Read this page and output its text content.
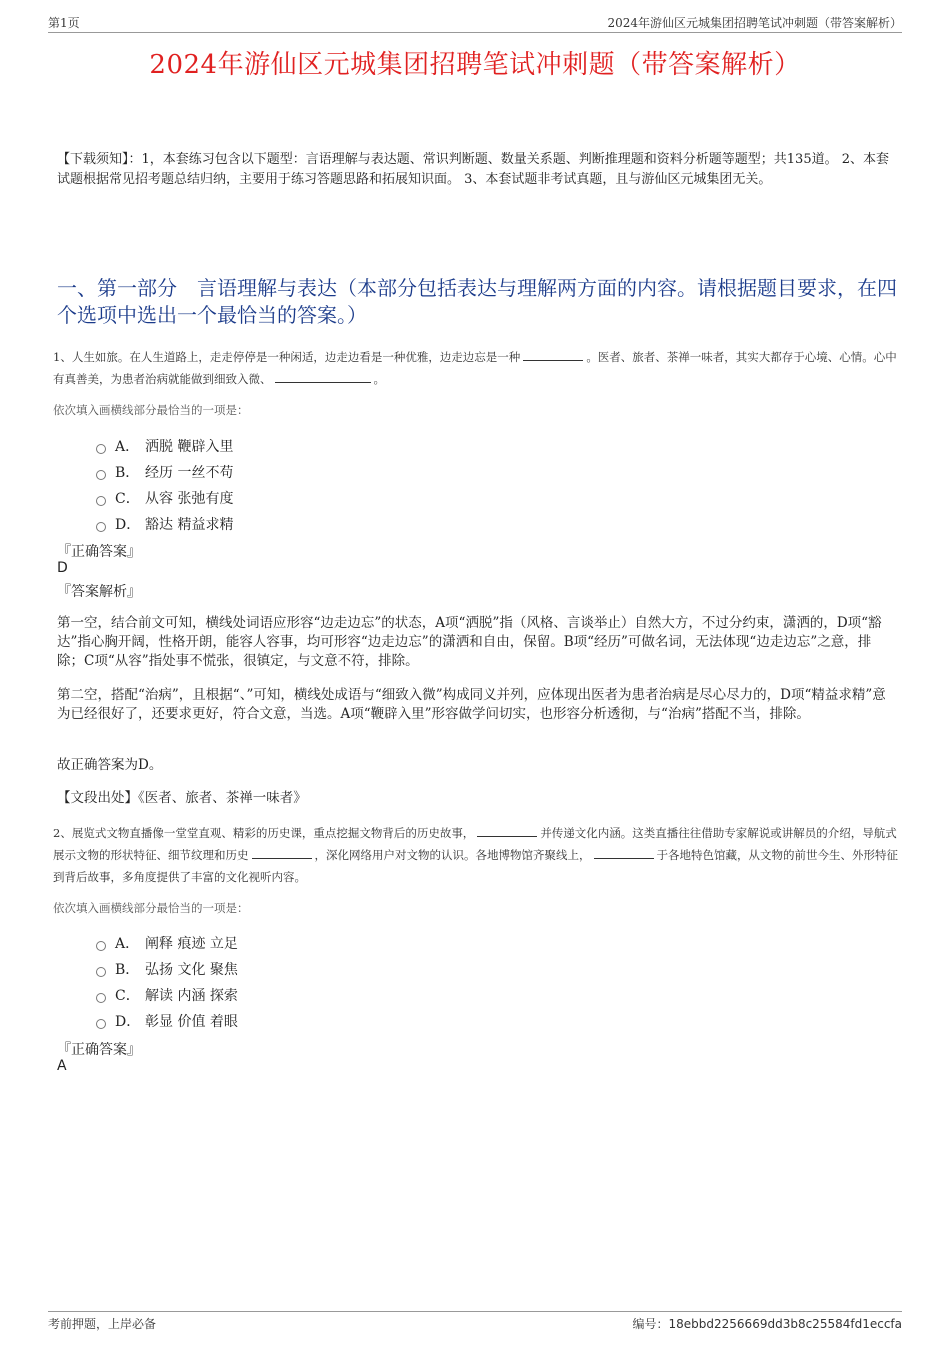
第1页	2024年游仙区元城集团招聘笔试冲刺题（带答案解析）
2024年游仙区元城集团招聘笔试冲刺题（带答案解析）
【下载须知】：1，本套练习包含以下题型：言语理解与表达题、常识判断题、数量关系题、判断推理题和资料分析题等题型；共135道。 2、本套试题根据常见招考题总结归纳，主要用于练习答题思路和拓展知识面。 3、本套试题非考试真题，且与游仙区元城集团无关。
一、第一部分　言语理解与表达（本部分包括表达与理解两方面的内容。请根据题目要求，在四个选项中选出一个最恰当的答案。）
1、人生如旅。在人生道路上，走走停停是一种闲适，边走边看是一种优雅，边走边忘是一种	。医者、旅者、茶禅一味者，其实大都存于心境、心情。心中有真善美，为患者治病就能做到细致入微、	。
依次填入画横线部分最恰当的一项是：
A． 洒脱 鞭辟入里
B． 经历 一丝不苟
C． 从容 张弛有度
D． 豁达 精益求精
『正确答案』
D
『答案解析』
第一空，结合前文可知，横线处词语应形容“边走边忘”的状态，A项“洒脱”指（风格、言谈举止）自然大方，不过分约束，潇洒的，D项“豁达”指心胸开阔，性格开朗，能容人容事，均可形容“边走边忘”的潇洒和自由，保留。B项“经历”可做名词，无法体现“边走边忘”之意，排除；C项“从容”指处事不慌张，很镇定，与文意不符，排除。
第二空，搭配“治病”，且根据“、”可知，横线处成语与“细致入微”构成同义并列，应体现出医者为患者治病是尽心尽力的，D项“精益求精”意为已经很好了，还要求更好，符合文意，当选。A项“鞭辟入里”形容做学问切实，也形容分析透彻，与“治病”搭配不当，排除。
故正确答案为D。
【文段出处】《医者、旅者、茶禅一味者》
2、展览式文物直播像一堂堂直观、精彩的历史课，重点挖掘文物背后的历史故事，	并传递文化内涵。这类直播往往借助专家解说或讲解员的介绍，导航式展示文物的形状特征、细节纹理和历史	，深化网络用户对文物的认识。各地博物馆齐聚线上，	于各地特色馆藏，从文物的前世今生、外形特征到背后故事，多角度提供了丰富的文化视听内容。
依次填入画横线部分最恰当的一项是：
A． 阐释 痕迹 立足
B． 弘扬 文化 聚焦
C． 解读 内涵 探索
D． 彰显 价值 着眼
『正确答案』
A
考前押题，上岸必备	编号：18ebbd2256669dd3b8c25584fd1eccfa
